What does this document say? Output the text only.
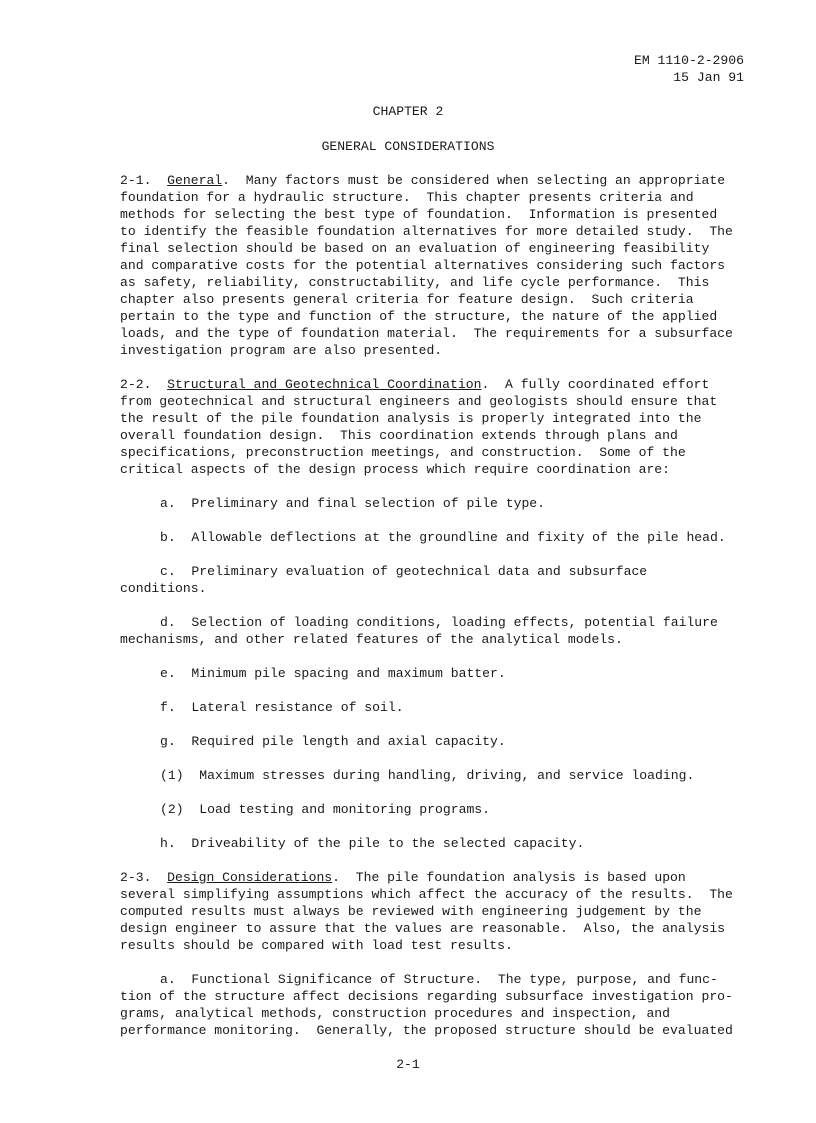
EM 1110-2-2906
15 Jan 91
CHAPTER 2
GENERAL CONSIDERATIONS
2-1. General.  Many factors must be considered when selecting an appropriate
foundation for a hydraulic structure.  This chapter presents criteria and
methods for selecting the best type of foundation.  Information is presented
to identify the feasible foundation alternatives for more detailed study.  The
final selection should be based on an evaluation of engineering feasibility
and comparative costs for the potential alternatives considering such factors
as safety, reliability, constructability, and life cycle performance.  This
chapter also presents general criteria for feature design.  Such criteria
pertain to the type and function of the structure, the nature of the applied
loads, and the type of foundation material.  The requirements for a subsurface
investigation program are also presented.
2-2. Structural and Geotechnical Coordination.  A fully coordinated effort
from geotechnical and structural engineers and geologists should ensure that
the result of the pile foundation analysis is properly integrated into the
overall foundation design.  This coordination extends through plans and
specifications, preconstruction meetings, and construction.  Some of the
critical aspects of the design process which require coordination are:
a.  Preliminary and final selection of pile type.
b.  Allowable deflections at the groundline and fixity of the pile head.
c.  Preliminary evaluation of geotechnical data and subsurface
conditions.
d.  Selection of loading conditions, loading effects, potential failure
mechanisms, and other related features of the analytical models.
e.  Minimum pile spacing and maximum batter.
f.  Lateral resistance of soil.
g.  Required pile length and axial capacity.
(1)  Maximum stresses during handling, driving, and service loading.
(2)  Load testing and monitoring programs.
h.  Driveability of the pile to the selected capacity.
2-3. Design Considerations.  The pile foundation analysis is based upon
several simplifying assumptions which affect the accuracy of the results.  The
computed results must always be reviewed with engineering judgement by the
design engineer to assure that the values are reasonable.  Also, the analysis
results should be compared with load test results.
a.  Functional Significance of Structure.  The type, purpose, and func-
tion of the structure affect decisions regarding subsurface investigation pro-
grams, analytical methods, construction procedures and inspection, and
performance monitoring.  Generally, the proposed structure should be evaluated
2-1
